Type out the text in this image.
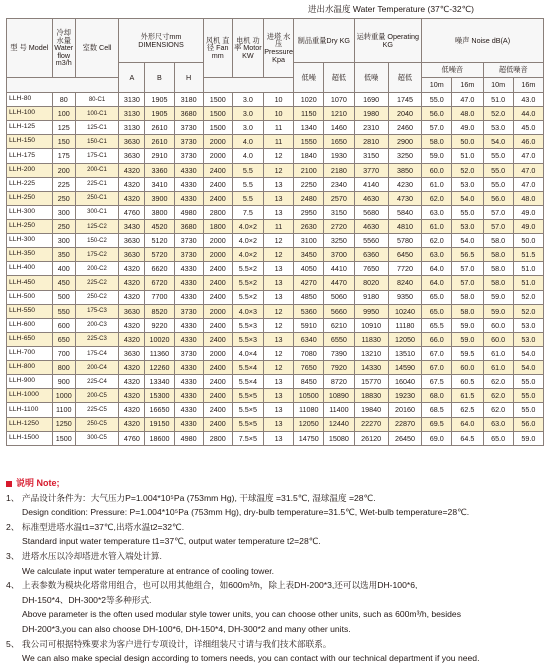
进出水温度 Water Temperature (37℃-32℃)
型 号 Model	冷却 水量 Water flow m3/h	室数 Cell	外形尺寸mm DIMENSIONS			风机 直径 Fan mm	电机 功率 Motor KW	进塔 水压 Pressure Kpa	制品重量Dry KG		运转重量 Operating KG		噪声 Noise dB(A)			
			A	B	H				低噪	超低	低噪	超低	低噪音		超低噪音	
													10m	16m	10m	16m
LLH-80	80	80-C1	3130	1905	3180	1500	3.0	10	1020	1070	1690	1745	55.0	47.0	51.0	43.0
LLH-100	100	100-C1	3130	1905	3680	1500	3.0	10	1150	1210	1980	2040	56.0	48.0	52.0	44.0
LLH-125	125	125-C1	3130	2610	3730	1500	3.0	11	1340	1460	2310	2460	57.0	49.0	53.0	45.0
LLH-150	150	150-C1	3630	2610	3730	2000	4.0	11	1550	1650	2810	2900	58.0	50.0	54.0	46.0
LLH-175	175	175-C1	3630	2910	3730	2000	4.0	12	1840	1930	3150	3250	59.0	51.0	55.0	47.0
LLH-200	200	200-C1	4320	3360	4330	2400	5.5	12	2100	2180	3770	3850	60.0	52.0	55.0	47.0
LLH-225	225	225-C1	4320	3410	4330	2400	5.5	13	2250	2340	4140	4230	61.0	53.0	55.0	47.0
LLH-250	250	250-C1	4320	3900	4330	2400	5.5	13	2480	2570	4630	4730	62.0	54.0	56.0	48.0
LLH-300	300	300-C1	4760	3800	4980	2800	7.5	13	2950	3150	5680	5840	63.0	55.0	57.0	49.0
LLH-250	250	125-C2	3430	4520	3680	1800	4.0×2	11	2630	2720	4630	4810	61.0	53.0	57.0	49.0
LLH-300	300	150-C2	3630	5120	3730	2000	4.0×2	12	3100	3250	5560	5780	62.0	54.0	58.0	50.0
LLH-350	350	175-C2	3630	5720	3730	2000	4.0×2	12	3450	3700	6360	6450	63.0	56.5	58.0	51.5
LLH-400	400	200-C2	4320	6620	4330	2400	5.5×2	13	4050	4410	7650	7720	64.0	57.0	58.0	51.0
LLH-450	450	225-C2	4320	6720	4330	2400	5.5×2	13	4270	4470	8020	8240	64.0	57.0	58.0	51.0
LLH-500	500	250-C2	4320	7700	4330	2400	5.5×2	13	4850	5060	9180	9350	65.0	58.0	59.0	52.0
LLH-550	550	175-C3	3630	8520	3730	2000	4.0×3	12	5360	5660	9950	10240	65.0	58.0	59.0	52.0
LLH-600	600	200-C3	4320	9220	4330	2400	5.5×3	12	5910	6210	10910	11180	65.5	59.0	60.0	53.0
LLH-650	650	225-C3	4320	10020	4330	2400	5.5×3	13	6340	6550	11830	12050	66.0	59.0	60.0	53.0
LLH-700	700	175-C4	3630	11360	3730	2000	4.0×4	12	7080	7390	13210	13510	67.0	59.5	61.0	54.0
LLH-800	800	200-C4	4320	12260	4330	2400	5.5×4	12	7650	7920	14330	14590	67.0	60.0	61.0	54.0
LLH-900	900	225-C4	4320	13340	4330	2400	5.5×4	13	8450	8720	15770	16040	67.5	60.5	62.0	55.0
LLH-1000	1000	200-C5	4320	15300	4330	2400	5.5×5	13	10500	10890	18830	19230	68.0	61.5	62.0	55.0
LLH-1100	1100	225-C5	4320	16650	4330	2400	5.5×5	13	11080	11400	19840	20160	68.5	62.5	62.0	55.0
LLH-1250	1250	250-C5	4320	19150	4330	2400	5.5×5	13	12050	12440	22270	22870	69.5	64.0	63.0	56.0
LLH-1500	1500	300-C5	4760	18600	4980	2800	7.5×5	13	14750	15080	26120	26450	69.0	64.5	65.0	59.0
说明 Note;
1、 产品设计条件为：大气压力P=1.004*10⁵Pa (753mm Hg), 干球温度 =31.5℃, 湿球温度 =28℃.
Design condition: Pressure: P=1.004*10⁵Pa (753mm Hg), dry-bulb temperature=31.5℃, Wet-bulb temperature=28℃.
2、 标准型进塔水温t1=37℃,出塔水温t2=32℃.
Standard input water temperature t1=37℃, output water temperature t2=28℃.
3、 进塔水压以冷却塔进水管入端处计算.
We calculate input water temperature at entrance of cooling tower.
4、 上表参数为模块化塔常用组合，也可以用其他组合，如600m³/h，除上表DH-200*3,还可以选用DH-100*6,
DH-150*4、DH-300*2等多种形式.
Above parameter is the often used modular style tower units, you can choose other units, such as 600m³/h, besides
DH-200*3,you can also choose DH-100*6, DH-150*4, DH-300*2 and many other units.
5、 我公司可根据特殊要求为客户进行专项设计，详细组装尺寸请与我们技术部联系。
We can also make special design according to tomers needs, you can contact with our technical department if you need.
